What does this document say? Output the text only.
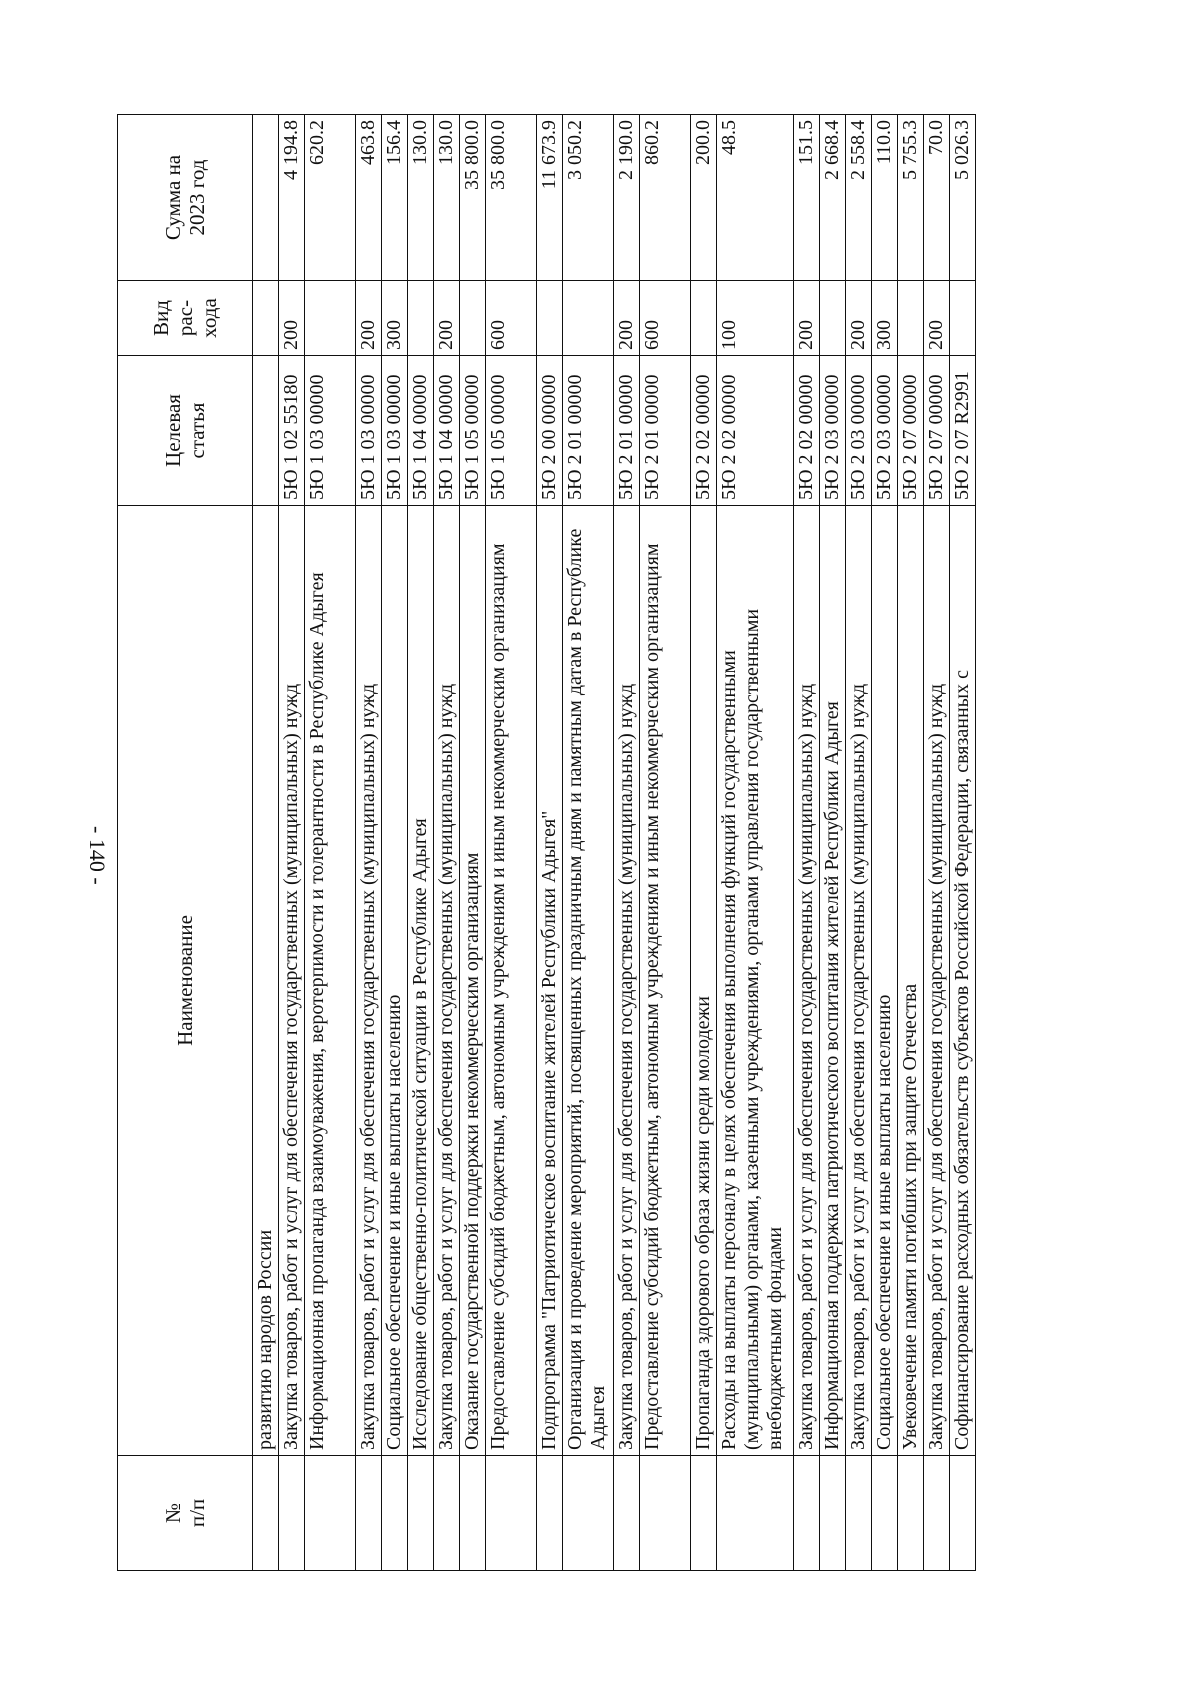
- 140 -
№ п/п	Наименование	Целевая статья	Вид рас- хода	Сумма на 2023 год

	развитию народов России			
	Закупка товаров, работ и услуг для обеспечения государственных (муниципальных) нужд	5Ю 1 02 55180	200	4 194.8
	Информационная пропаганда взаимоуважения, веротерпимости и толерантности в Республике Адыгея	5Ю 1 03 00000		620.2
	Закупка товаров, работ и услуг для обеспечения государственных (муниципальных) нужд	5Ю 1 03 00000	200	463.8
	Социальное обеспечение и иные выплаты населению	5Ю 1 03 00000	300	156.4
	Исследование общественно-политической ситуации в Республике Адыгея	5Ю 1 04 00000		130.0
	Закупка товаров, работ и услуг для обеспечения государственных (муниципальных) нужд	5Ю 1 04 00000	200	130.0
	Оказание государственной поддержки некоммерческим организациям	5Ю 1 05 00000		35 800.0
	Предоставление субсидий бюджетным, автономным учреждениям и иным некоммерческим организациям	5Ю 1 05 00000	600	35 800.0
	Подпрограмма "Патриотическое воспитание жителей Республики Адыгея"	5Ю 2 00 00000		11 673.9
	Организация и проведение мероприятий, посвященных праздничным дням и памятным датам в Республике Адыгея	5Ю 2 01 00000		3 050.2
	Закупка товаров, работ и услуг для обеспечения государственных (муниципальных) нужд	5Ю 2 01 00000	200	2 190.0
	Предоставление субсидий бюджетным, автономным учреждениям и иным некоммерческим организациям	5Ю 2 01 00000	600	860.2
	Пропаганда здорового образа жизни среди молодежи	5Ю 2 02 00000		200.0
	Расходы на выплаты персоналу в целях обеспечения выполнения функций государственными (муниципальными) органами, казенными учреждениями, органами управления государственными внебюджетными фондами	5Ю 2 02 00000	100	48.5
	Закупка товаров, работ и услуг для обеспечения государственных (муниципальных) нужд	5Ю 2 02 00000	200	151.5
	Информационная поддержка патриотического воспитания жителей Республики Адыгея	5Ю 2 03 00000		2 668.4
	Закупка товаров, работ и услуг для обеспечения государственных (муниципальных) нужд	5Ю 2 03 00000	200	2 558.4
	Социальное обеспечение и иные выплаты населению	5Ю 2 03 00000	300	110.0
	Увековечение памяти погибших при защите Отечества	5Ю 2 07 00000		5 755.3
	Закупка товаров, работ и услуг для обеспечения государственных (муниципальных) нужд	5Ю 2 07 00000	200	70.0
	Софинансирование расходных обязательств субъектов Российской Федерации, связанных с	5Ю 2 07 R2991		5 026.3
